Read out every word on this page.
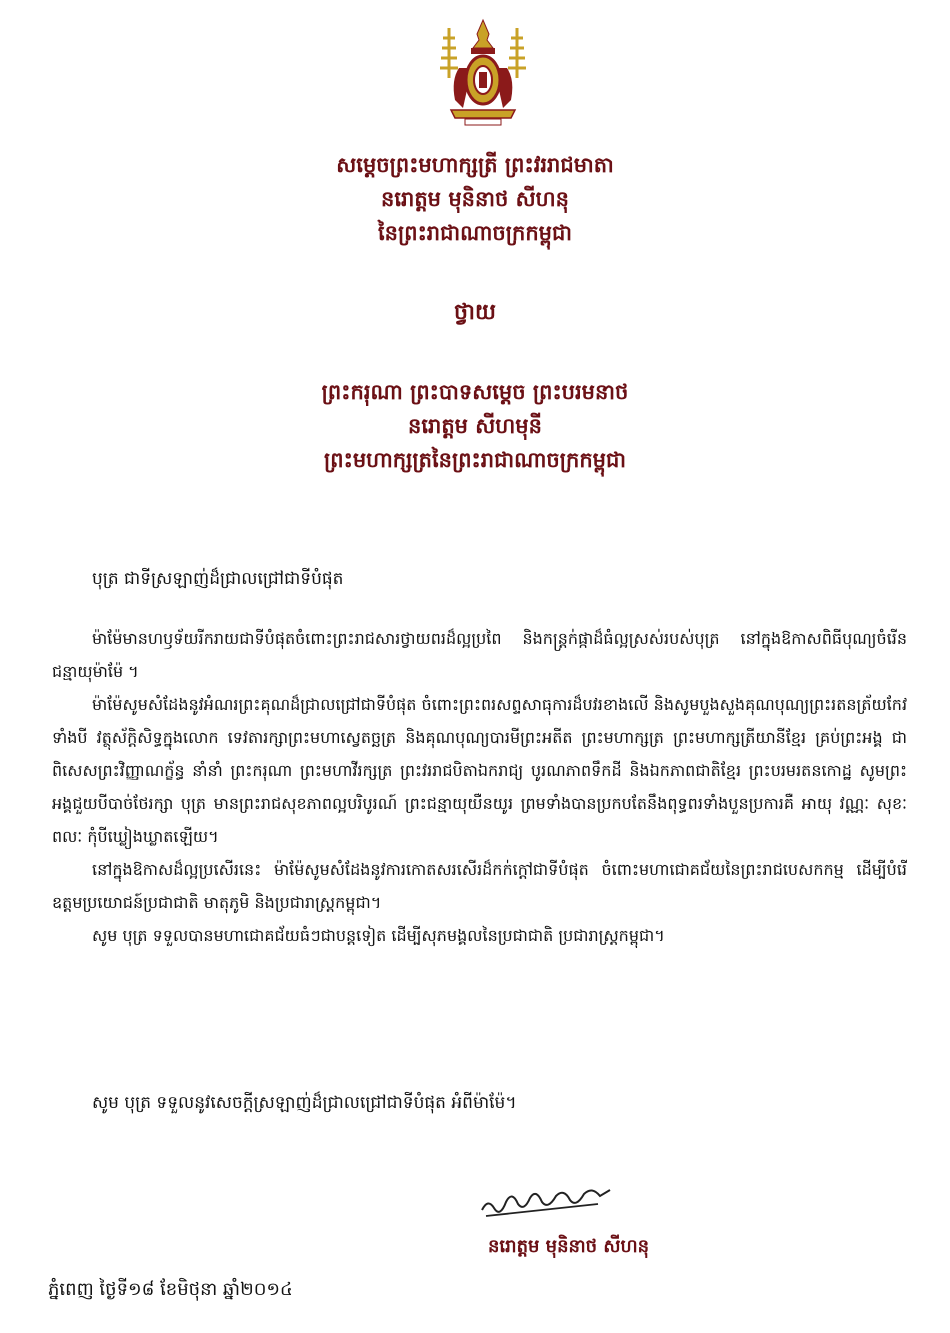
សម្តេចព្រះមហាក្សត្រី ព្រះវររាជមាតា
នរោត្តម មុនិនាថ សីហនុ
នៃព្រះរាជាណាចក្រកម្ពុជា
ថ្វាយ
ព្រះករុណា ព្រះបាទសម្តេច ព្រះបរមនាថ
នរោត្តម សីហមុនី
ព្រះមហាក្សត្រនៃព្រះរាជាណាចក្រកម្ពុជា
បុត្រ ជាទីស្រឡាញ់ដ៏ជ្រាលជ្រៅជាទីបំផុត

ម៉ាម៉ែមានហឫទ័យរីករាយជាទីបំផុតចំពោះព្រះរាជសារថ្វាយពរដ៏ល្អប្រពៃ និងកន្ត្រក់ផ្កាដ៏ធំល្អស្រស់របស់បុត្រ នៅក្នុងឱកាសពិធីបុណ្យចំរើនជន្មាយុម៉ាម៉ែ ។

ម៉ាម៉ែសូមសំដែងនូវអំណរព្រះគុណដ៏ជ្រាលជ្រៅជាទីបំផុត ចំពោះព្រះពរសព្ទសាធុការដ៏បវរខាងលើ និងសូមបួងសួងគុណបុណ្យព្រះរតនត្រ័យកែវទាំងបី វត្ថុស័ក្តិសិទ្ធក្នុងលោក ទេវតារក្សាព្រះមហាស្វេតច្ឆត្រ និងគុណបុណ្យបារមីព្រះអតីត ព្រះមហាក្សត្រ ព្រះមហាក្សត្រីយានីខ្មែរ គ្រប់ព្រះអង្គ ជាពិសេសព្រះវិញ្ញាណក្ខ័ន្ធ នាំនាំ ព្រះករុណា ព្រះមហាវីរក្សត្រ ព្រះវររាជបិតាឯករាជ្យ បូរណភាពទឹកដី និងឯកភាពជាតិខ្មែរ ព្រះបរមរតនកោដ្ឋ សូមព្រះអង្គជួយបីបាច់ថែរក្សា បុត្រ មានព្រះរាជសុខភាពល្អបរិបូរណ៍ ព្រះជន្មាយុយឺនយូរ ព្រមទាំងបានប្រកបតែនឹងពុទ្ធពរទាំងបួនប្រការគឺ អាយុ វណ្ណៈ សុខៈ ពលៈ កុំបីឃ្លៀងឃ្លាតឡើយ។

នៅក្នុងឱកាសដ៏ល្អប្រសើរនេះ ម៉ាម៉ែសូមសំដែងនូវការកោតសរសើរដ៏កក់ក្តៅជាទីបំផុត ចំពោះមហាជោគជ័យនៃព្រះរាជបេសកកម្ម ដើម្បីបំរើឧត្តមប្រយោជន៍ប្រជាជាតិ មាតុភូមិ និងប្រជារាស្ត្រកម្ពុជា។

សូម បុត្រ ទទួលបានមហាជោគជ័យធំៗជាបន្តទៀត ដើម្បីសុភមង្គលនៃប្រជាជាតិ ប្រជារាស្ត្រកម្ពុជា។

សូម បុត្រ ទទួលនូវសេចក្តីស្រឡាញ់ដ៏ជ្រាលជ្រៅជាទីបំផុត អំពីម៉ាម៉ែ។
នរោត្តម មុនិនាថ សីហនុ
ភ្នំពេញ ថ្ងៃទី១៨ ខែមិថុនា ឆ្នាំ២០១៤
